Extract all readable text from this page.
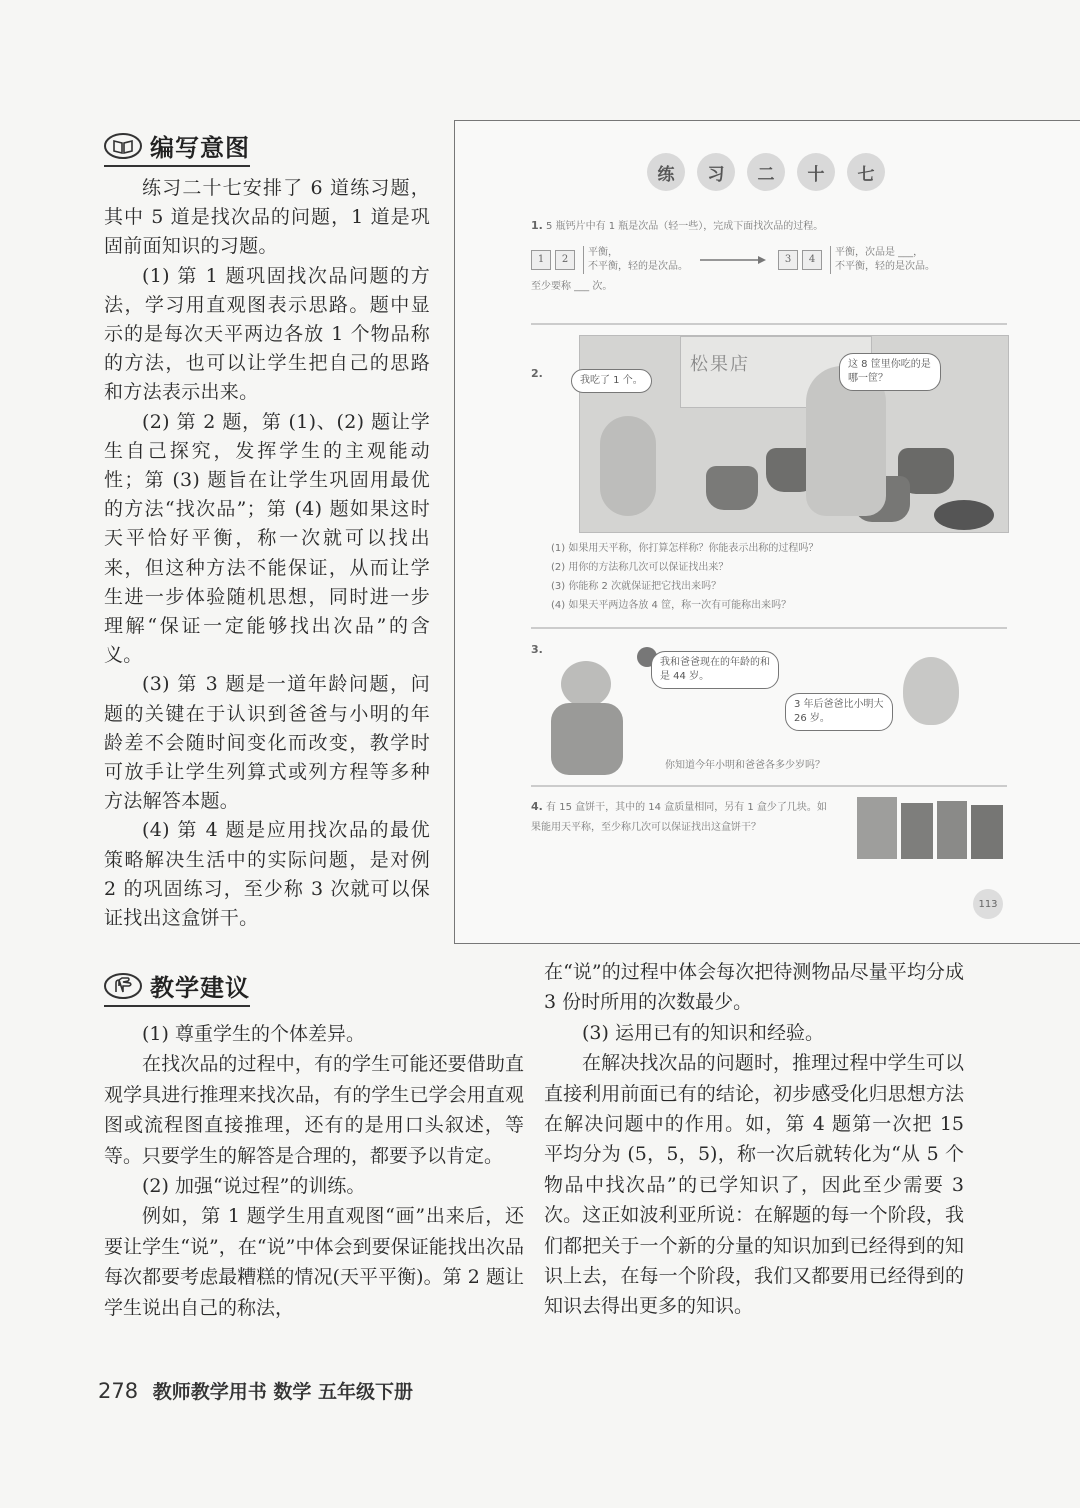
编写意图

练习二十七安排了 6 道练习题，其中 5 道是找次品的问题，1 道是巩固前面知识的习题。

(1) 第 1 题巩固找次品问题的方法，学习用直观图表示思路。题中显示的是每次天平两边各放 1 个物品称的方法，也可以让学生把自己的思路和方法表示出来。

(2) 第 2 题，第 (1)、(2) 题让学生自己探究，发挥学生的主观能动性；第 (3) 题旨在让学生巩固用最优的方法“找次品”；第 (4) 题如果这时天平恰好平衡，称一次就可以找出来，但这种方法不能保证，从而让学生进一步体验随机思想，同时进一步理解“保证一定能够找出次品”的含义。

(3) 第 3 题是一道年龄问题，问题的关键在于认识到爸爸与小明的年龄差不会随时间变化而改变，教学时可放手让学生列算式或列方程等多种方法解答本题。

(4) 第 4 题是应用找次品的最优策略解决生活中的实际问题，是对例 2 的巩固练习，至少称 3 次就可以保证找出这盒饼干。

练	习	二	十	七
1. 5 瓶钙片中有 1 瓶是次品（轻一些），完成下面找次品的过程。
1	2
平衡，
不平衡，轻的是次品。
3	4
平衡，次品是 ___，
不平衡，轻的是次品。
至少要称 ___ 次。
2.	松果店
我吃了 1 个。
这 8 筐里你吃的是哪一筐？
(1) 如果用天平称，你打算怎样称？你能表示出称的过程吗？
(2) 用你的方法称几次可以保证找出来？
(3) 你能称 2 次就保证把它找出来吗？
(4) 如果天平两边各放 4 筐，称一次有可能称出来吗？
3.
我和爸爸现在的年龄的和是 44 岁。
3 年后爸爸比小明大 26 岁。
你知道今年小明和爸爸各多少岁吗？
4. 有 15 盒饼干，其中的 14 盒质量相同，另有 1 盒少了几块。如果能用天平称，至少称几次可以保证找出这盒饼干？
113
教学建议

(1) 尊重学生的个体差异。

在找次品的过程中，有的学生可能还要借助直观学具进行推理来找次品，有的学生已学会用直观图或流程图直接推理，还有的是用口头叙述，等等。只要学生的解答是合理的，都要予以肯定。

(2) 加强“说过程”的训练。

例如，第 1 题学生用直观图“画”出来后，还要让学生“说”，在“说”中体会到要保证能找出次品每次都要考虑最糟糕的情况(天平平衡)。第 2 题让学生说出自己的称法，

在“说”的过程中体会每次把待测物品尽量平均分成 3 份时所用的次数最少。

(3) 运用已有的知识和经验。

在解决找次品的问题时，推理过程中学生可以直接利用前面已有的结论，初步感受化归思想方法在解决问题中的作用。如，第 4 题第一次把 15 平均分为 (5，5，5)，称一次后就转化为“从 5 个物品中找次品”的已学知识了，因此至少需要 3 次。这正如波利亚所说：在解题的每一个阶段，我们都把关于一个新的分量的知识加到已经得到的知识上去，在每一个阶段，我们又都要用已经得到的知识去得出更多的知识。

278 教师教学用书 数学 五年级下册
